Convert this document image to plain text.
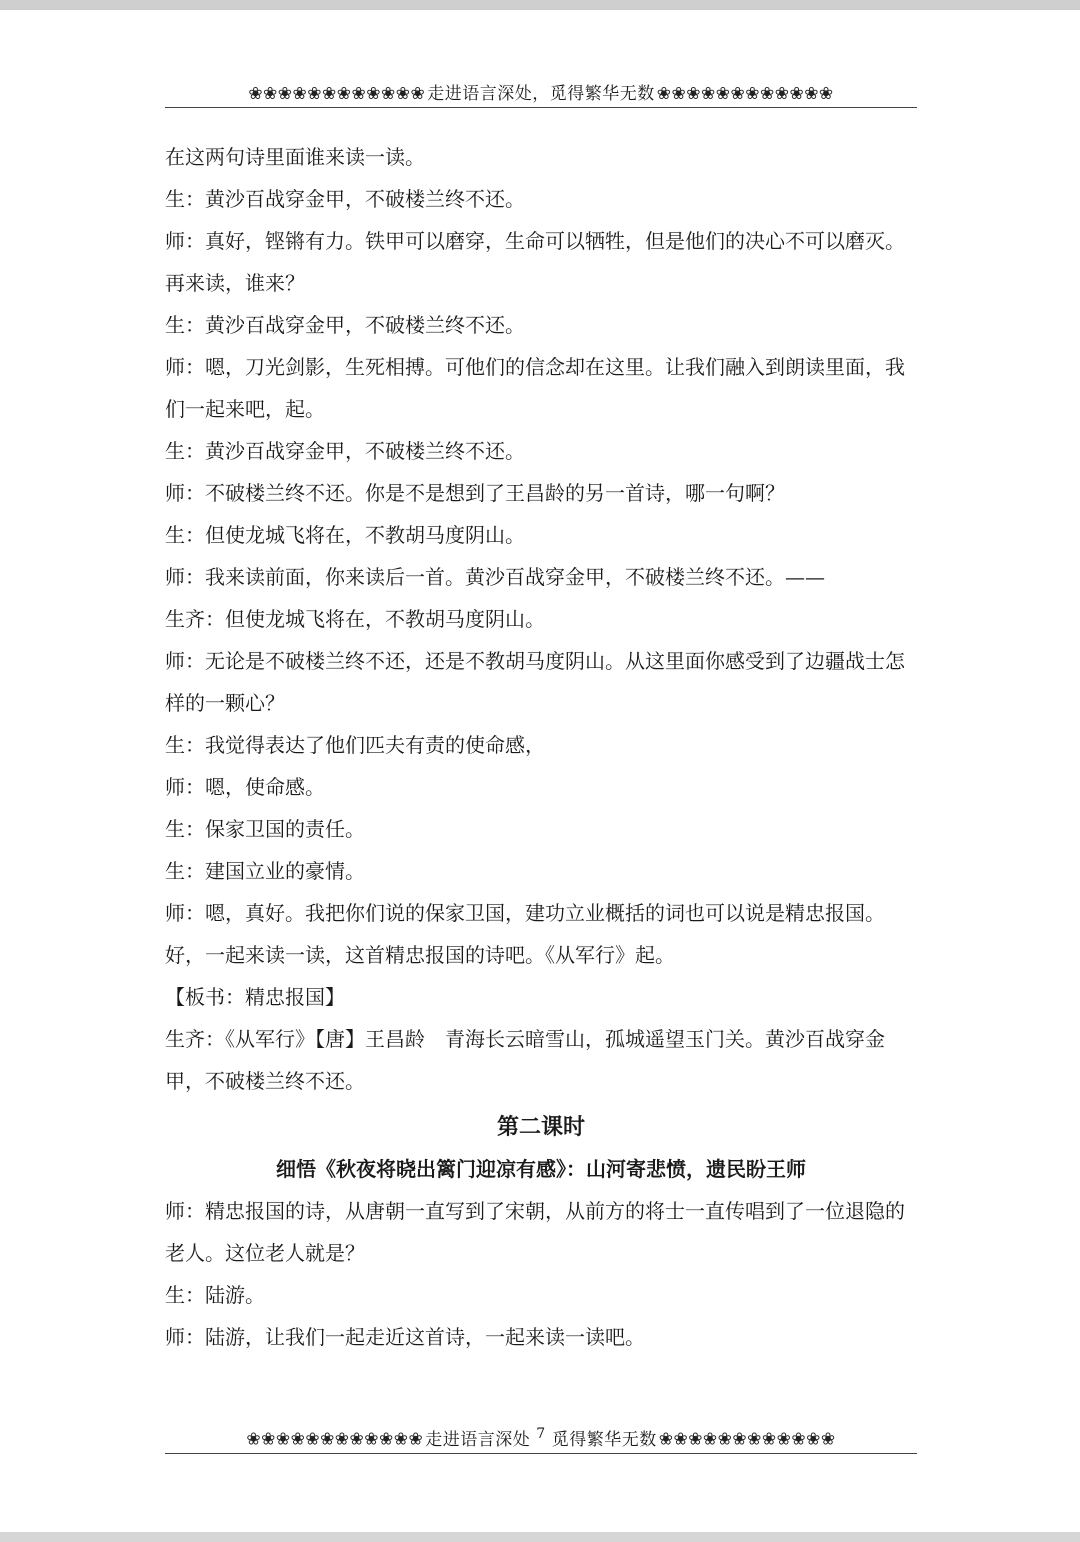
❀❀❀❀❀❀❀❀❀❀❀❀ 走进语言深处，觅得繁华无数 ❀❀❀❀❀❀❀❀❀❀❀❀

在这两句诗里面谁来读一读。

生：黄沙百战穿金甲，不破楼兰终不还。

师：真好，铿锵有力。铁甲可以磨穿，生命可以牺牲，但是他们的决心不可以磨灭。再来读，谁来？

生：黄沙百战穿金甲，不破楼兰终不还。

师：嗯，刀光剑影，生死相搏。可他们的信念却在这里。让我们融入到朗读里面，我们一起来吧，起。

生：黄沙百战穿金甲，不破楼兰终不还。

师：不破楼兰终不还。你是不是想到了王昌龄的另一首诗，哪一句啊？

生：但使龙城飞将在，不教胡马度阴山。

师：我来读前面，你来读后一首。黄沙百战穿金甲，不破楼兰终不还。——

生齐：但使龙城飞将在，不教胡马度阴山。

师：无论是不破楼兰终不还，还是不教胡马度阴山。从这里面你感受到了边疆战士怎样的一颗心？

生：我觉得表达了他们匹夫有责的使命感，

师：嗯，使命感。

生：保家卫国的责任。

生：建国立业的豪情。

师：嗯，真好。我把你们说的保家卫国，建功立业概括的词也可以说是精忠报国。好，一起来读一读，这首精忠报国的诗吧。《从军行》起。

【板书：精忠报国】

生齐：《从军行》【唐】王昌龄　青海长云暗雪山，孤城遥望玉门关。黄沙百战穿金甲，不破楼兰终不还。

第二课时

细悟《秋夜将晓出篱门迎凉有感》：山河寄悲愤，遗民盼王师

师：精忠报国的诗，从唐朝一直写到了宋朝，从前方的将士一直传唱到了一位退隐的老人。这位老人就是？

生：陆游。

师：陆游，让我们一起走近这首诗，一起来读一读吧。

❀❀❀❀❀❀❀❀❀❀❀❀ 走进语言深处 $^7$ 觅得繁华无数 ❀❀❀❀❀❀❀❀❀❀❀❀
